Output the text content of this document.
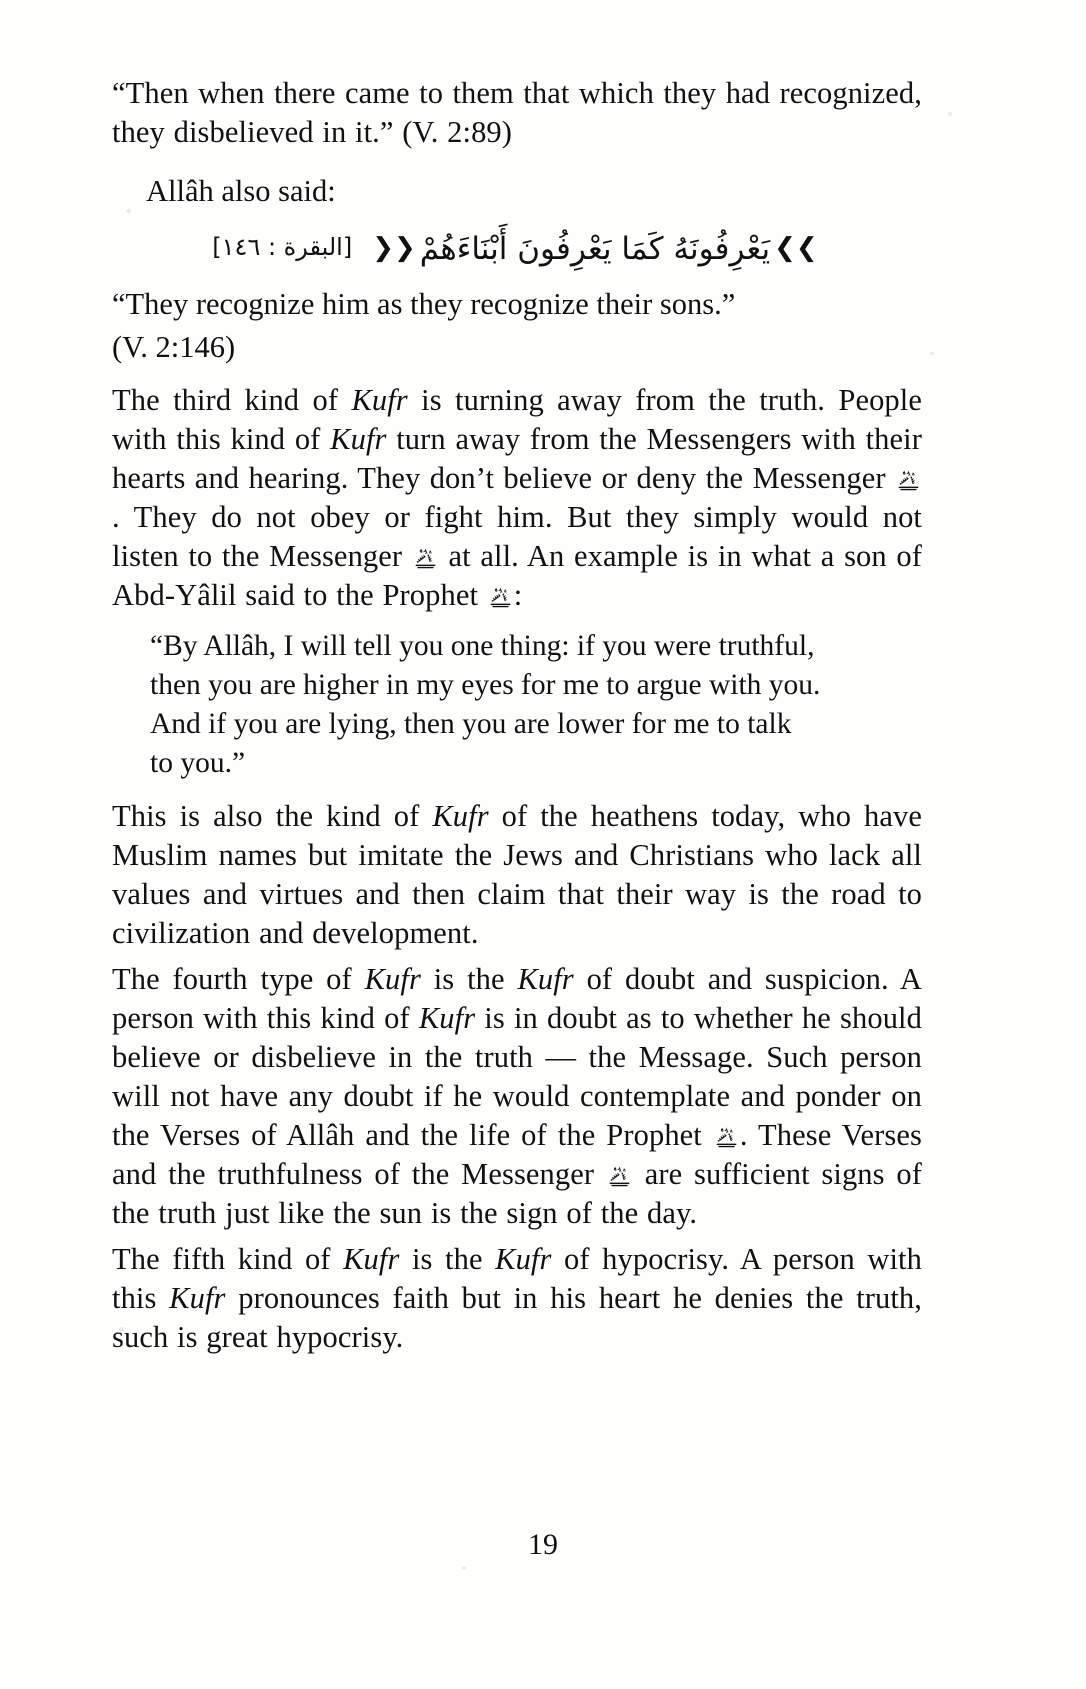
“Then when there came to them that which they had recognized, they disbelieved in it.” (V. 2:89)

Allâh also said:

❯❯يَعْرِفُونَهُ كَمَا يَعْرِفُونَ أَبْنَاءَهُمْ❮❮[البقرة : ١٤٦]

“They recognize him as they recognize their sons.”

(V. 2:146)

The third kind of Kufr is turning away from the truth. People with this kind of Kufr turn away from the Messengers with their hearts and hearing. They don’t believe or deny the Messenger
. They do not obey or fight him. But they simply would not listen to the Messenger
at all. An example is in what a son of Abd-Yâlil said to the Prophet
:

“By Allâh, I will tell you one thing: if you were truthful,
then you are higher in my eyes for me to argue with you.
And if you are lying, then you are lower for me to talk
to you.”

This is also the kind of Kufr of the heathens today, who have Muslim names but imitate the Jews and Christians who lack all values and virtues and then claim that their way is the road to civilization and development.

The fourth type of Kufr is the Kufr of doubt and suspicion. A person with this kind of Kufr is in doubt as to whether he should believe or disbelieve in the truth — the Message. Such person will not have any doubt if he would contemplate and ponder on the Verses of Allâh and the life of the Prophet
. These Verses and the truthfulness of the Messenger
are sufficient signs of the truth just like the sun is the sign of the day.

The fifth kind of Kufr is the Kufr of hypocrisy. A person with this Kufr pronounces faith but in his heart he denies the truth, such is great hypocrisy.

19
